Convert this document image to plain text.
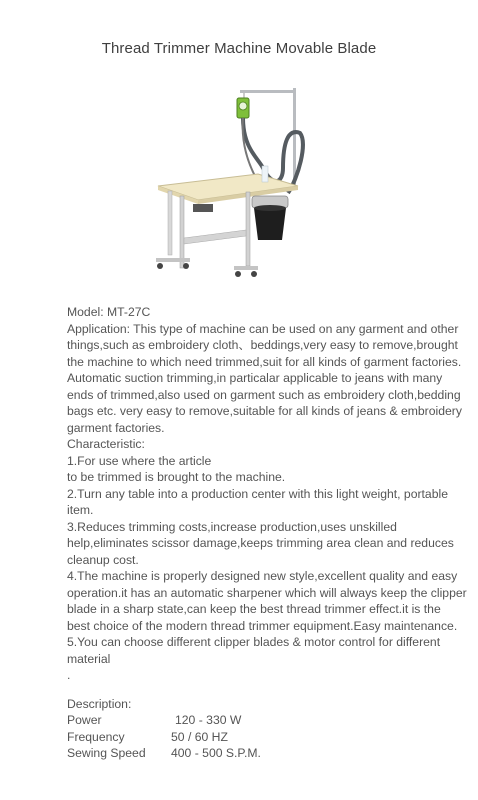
Thread Trimmer Machine Movable Blade

Model: MT-27C

Application: This type of machine can be used on any garment and other things,such as embroidery cloth、beddings,very easy to remove,brought the machine to which need trimmed,suit for all kinds of garment factories. Automatic suction trimming,in particalar applicable to jeans with many ends of trimmed,also used on garment such as embroidery cloth,bedding bags etc. very easy to remove,suitable for all kinds of jeans & embroidery garment factories.

Characteristic:

1.For use where the article

to be trimmed is brought to the machine.

2.Turn any table into a production center with this light weight, portable item.

3.Reduces trimming costs,increase production,uses unskilled help,eliminates scissor damage,keeps trimming area clean and reduces cleanup cost.

4.The machine is properly designed new style,excellent quality and easy operation.it has an automatic sharpener which will always keep the clipper blade in a sharp state,can keep the best thread trimmer effect.it is the best choice of the modern thread trimmer equipment.Easy maintenance.

5.You can choose different clipper blades & motor control for different material

.

Description:

Power	120 - 330 W
Frequency	50 / 60 HZ
Sewing Speed	400 - 500 S.P.M.
